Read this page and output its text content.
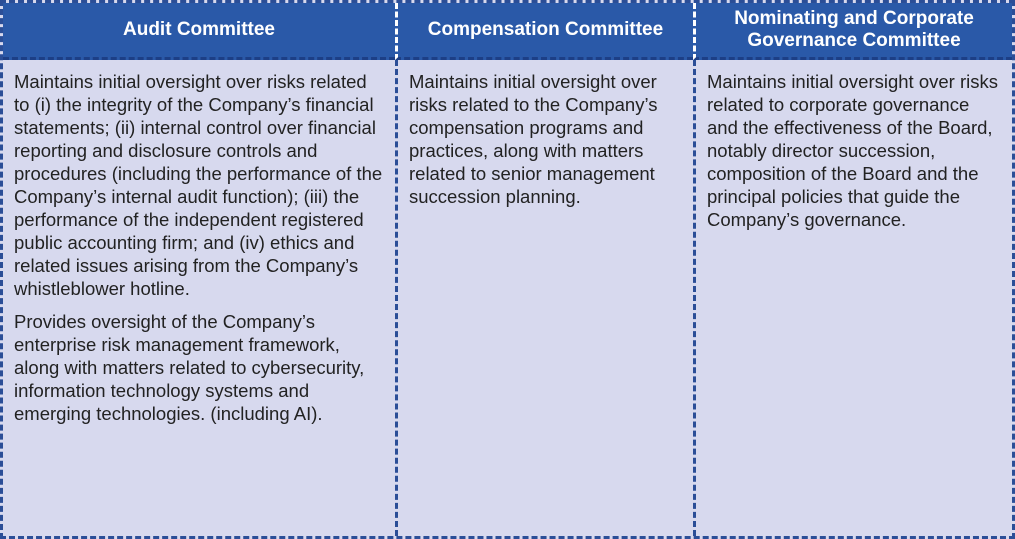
Audit Committee	Compensation Committee
Nominating and Corporate Governance Committee

Maintains initial oversight over risks related to (i) the integrity of the Company’s financial statements; (ii) internal control over financial reporting and disclosure controls and procedures (including the performance of the Company’s internal audit function); (iii) the performance of the independent registered public accounting firm; and (iv) ethics and related issues arising from the Company’s whistleblower hotline.

Provides oversight of the Company’s enterprise risk management framework, along with matters related to cybersecurity, information technology systems and emerging technologies. (including AI).

Maintains initial oversight over risks related to the Company’s compensation programs and practices, along with matters related to senior management succession planning.

Maintains initial oversight over risks related to corporate governance and the effectiveness of the Board, notably director succession, composition of the Board and the principal policies that guide the Company’s governance.
